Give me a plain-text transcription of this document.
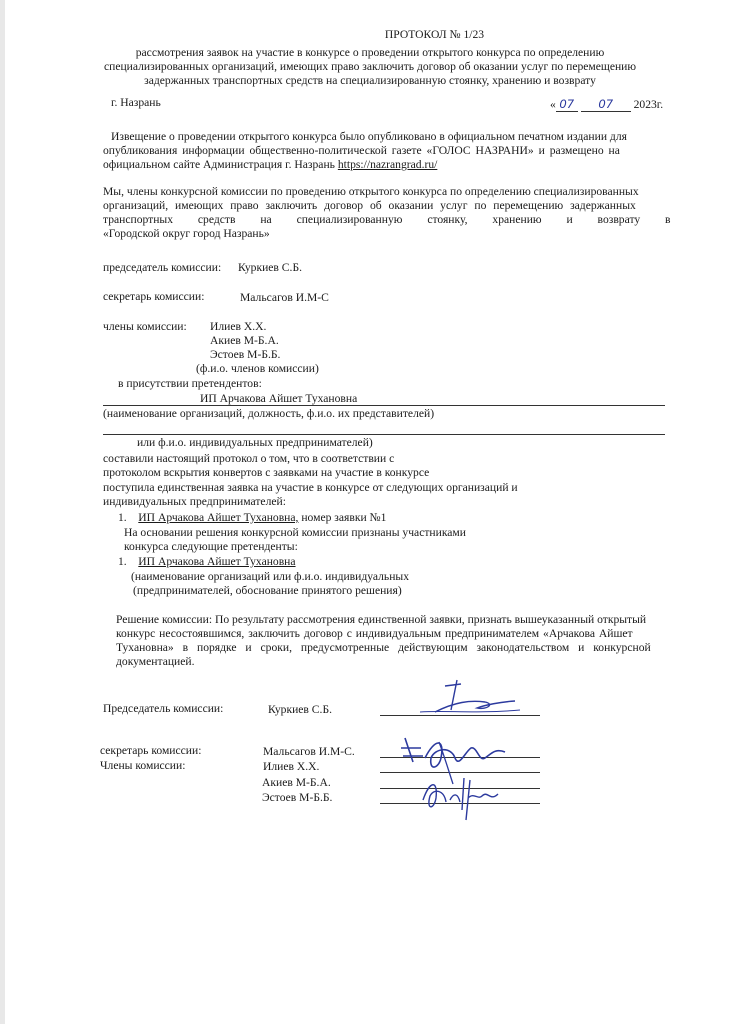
ПРОТОКОЛ № 1/23
рассмотрения заявок на участие в конкурсе о проведении открытого конкурса по определению
специализированных организаций, имеющих право заключить договор об оказании услуг по перемещению
задержанных транспортных средств на специализированную стоянку, хранению и возврату
г. Назрань	« 07 07 2023г.
Извещение о проведении открытого конкурса было опубликовано в официальном печатном издании для
опубликования информации общественно-политической газете «ГОЛОС НАЗРАНИ» и размещено на
официальном сайте Администрация г. Назрань https://nazrangrad.ru/
Мы, члены конкурсной комиссии по проведению открытого конкурса по определению специализированных
организаций, имеющих право заключить договор об оказании услуг по перемещению задержанных
транспортных средств на специализированную стоянку, хранению и возврату в
«Городской округ город Назрань»
председатель комиссии: Куркиев С.Б.
секретарь комиссии:	Мальсагов И.М-С
члены комиссии: Илиев Х.Х.
Акиев М-Б.А.
Эстоев М-Б.Б.
(ф.и.о. членов комиссии)
в присутствии претендентов:
ИП Арчакова Айшет Тухановна
(наименование организаций, должность, ф.и.о. их представителей)
или ф.и.о. индивидуальных предпринимателей)
составили настоящий протокол о том, что в соответствии с
протоколом вскрытия конвертов с заявками на участие в конкурсе
поступила единственная заявка на участие в конкурсе от следующих организаций и
индивидуальных предпринимателей:
1. ИП Арчакова Айшет Тухановна, номер заявки №1
На основании решения конкурсной комиссии признаны участниками
конкурса следующие претенденты:
1. ИП Арчакова Айшет Тухановна
(наименование организаций или ф.и.о. индивидуальных
(предпринимателей, обоснование принятого решения)
Решение комиссии: По результату рассмотрения единственной заявки, признать вышеуказанный открытый
конкурс несостоявшимся, заключить договор с индивидуальным предпринимателем «Арчакова Айшет
Тухановна» в порядке и сроки, предусмотренные действующим законодательством и конкурсной
документацией.
Председатель комиссии:	Куркиев С.Б.
секретарь комиссии:	Мальсагов И.М-С.
Члены комиссии:	Илиев Х.Х.
Акиев М-Б.А.
Эстоев М-Б.Б.
